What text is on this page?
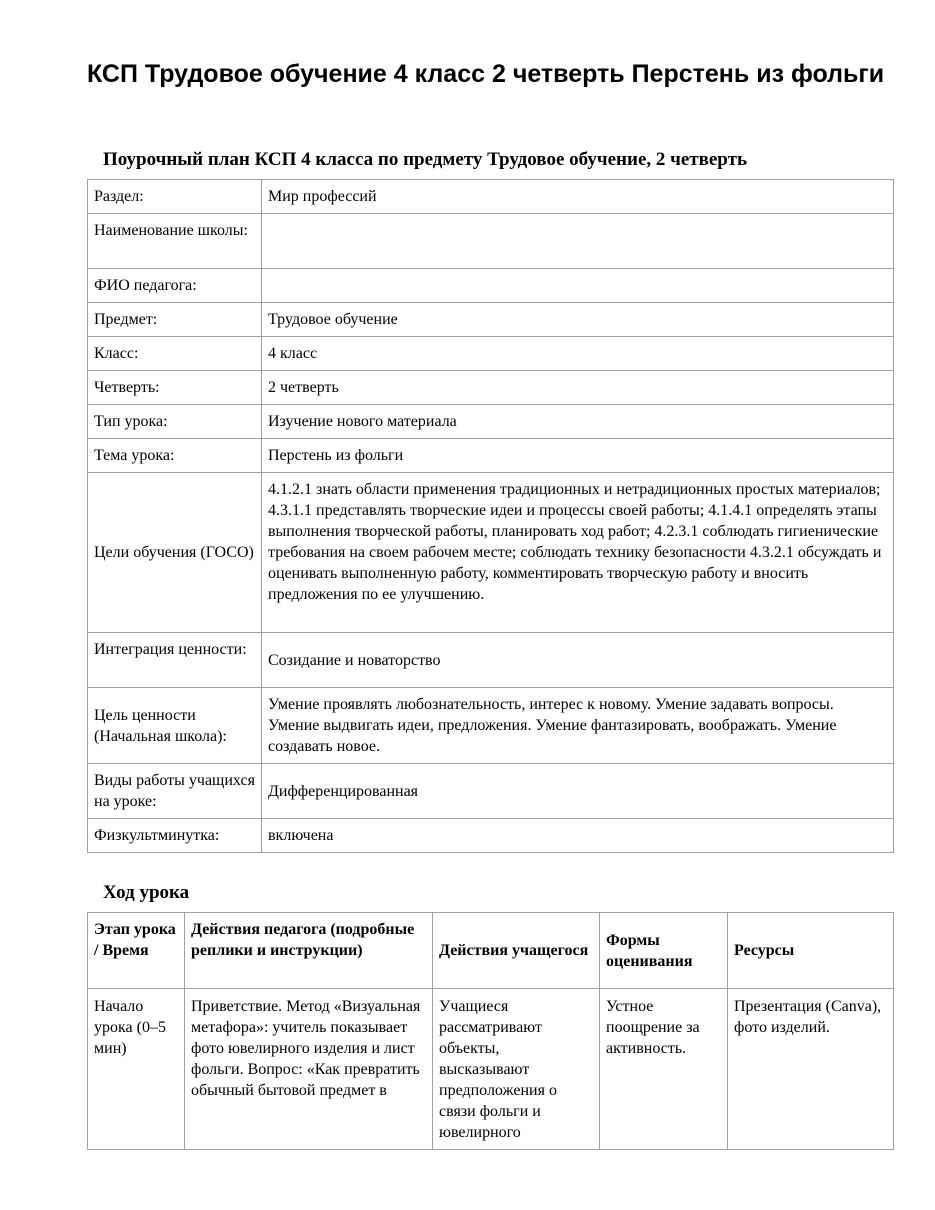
КСП Трудовое обучение 4 класс 2 четверть Перстень из фольги
Поурочный план КСП 4 класса по предмету Трудовое обучение, 2 четверть
Раздел:	Мир профессий
Наименование школы:	
ФИО педагога:	
Предмет:	Трудовое обучение
Класс:	4 класс
Четверть:	2 четверть
Тип урока:	Изучение нового материала
Тема урока:	Перстень из фольги
Цели обучения (ГОСО)	4.1.2.1 знать области применения традиционных и нетрадиционных простых материалов; 4.3.1.1 представлять творческие идеи и процессы своей работы; 4.1.4.1 определять этапы выполнения творческой работы, планировать ход работ; 4.2.3.1 соблюдать гигиенические требования на своем рабочем месте; соблюдать технику безопасности 4.3.2.1 обсуждать и оценивать выполненную работу, комментировать творческую работу и вносить предложения по ее улучшению.
Интеграция ценности:	Созидание и новаторство
Цель ценности (Начальная школа):	Умение проявлять любознательность, интерес к новому. Умение задавать вопросы. Умение выдвигать идеи, предложения. Умение фантазировать, воображать. Умение создавать новое.
Виды работы учащихся на уроке:	Дифференцированная
Физкультминутка:	включена
Ход урока
Этап урока / Время	Действия педагога (подробные реплики и инструкции)	Действия учащегося	Формы оценивания	Ресурсы
Начало урока (0–5 мин)	Приветствие. Метод «Визуальная метафора»: учитель показывает фото ювелирного изделия и лист фольги. Вопрос: «Как превратить обычный бытовой предмет в	Учащиеся рассматривают объекты, высказывают предположения о связи фольги и ювелирного	Устное поощрение за активность.	Презентация (Canva), фото изделий.
